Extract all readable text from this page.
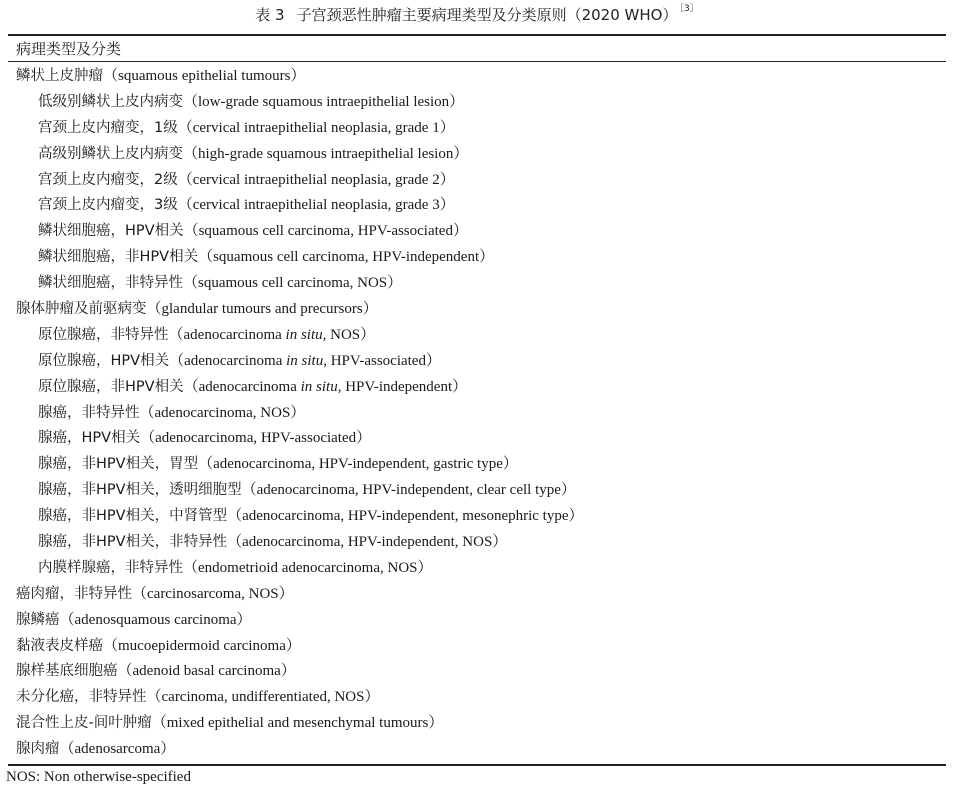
表 3 子宫颈恶性肿瘤主要病理类型及分类原则（2020 WHO） $^{[3]}$
病理类型及分类
鳞状上皮肿瘤（squamous epithelial tumours）
低级别鳞状上皮内病变（low-grade squamous intraepithelial lesion）
宫颈上皮内瘤变，1级（cervical intraepithelial neoplasia, grade 1）
高级别鳞状上皮内病变（high-grade squamous intraepithelial lesion）
宫颈上皮内瘤变，2级（cervical intraepithelial neoplasia, grade 2）
宫颈上皮内瘤变，3级（cervical intraepithelial neoplasia, grade 3）
鳞状细胞癌，HPV相关（squamous cell carcinoma, HPV-associated）
鳞状细胞癌，非HPV相关（squamous cell carcinoma, HPV-independent）
鳞状细胞癌，非特异性（squamous cell carcinoma, NOS）
腺体肿瘤及前驱病变（glandular tumours and precursors）
原位腺癌，非特异性（adenocarcinoma in situ, NOS）
原位腺癌，HPV相关（adenocarcinoma in situ, HPV-associated）
原位腺癌，非HPV相关（adenocarcinoma in situ, HPV-independent）
腺癌，非特异性（adenocarcinoma, NOS）
腺癌，HPV相关（adenocarcinoma, HPV-associated）
腺癌，非HPV相关，胃型（adenocarcinoma, HPV-independent, gastric type）
腺癌，非HPV相关，透明细胞型（adenocarcinoma, HPV-independent, clear cell type）
腺癌，非HPV相关，中肾管型（adenocarcinoma, HPV-independent, mesonephric type）
腺癌，非HPV相关，非特异性（adenocarcinoma, HPV-independent, NOS）
内膜样腺癌，非特异性（endometrioid adenocarcinoma, NOS）
癌肉瘤，非特异性（carcinosarcoma, NOS）
腺鳞癌（adenosquamous carcinoma）
黏液表皮样癌（mucoepidermoid carcinoma）
腺样基底细胞癌（adenoid basal carcinoma）
未分化癌，非特异性（carcinoma, undifferentiated, NOS）
混合性上皮-间叶肿瘤（mixed epithelial and mesenchymal tumours）
腺肉瘤（adenosarcoma）
NOS: Non otherwise-specified
